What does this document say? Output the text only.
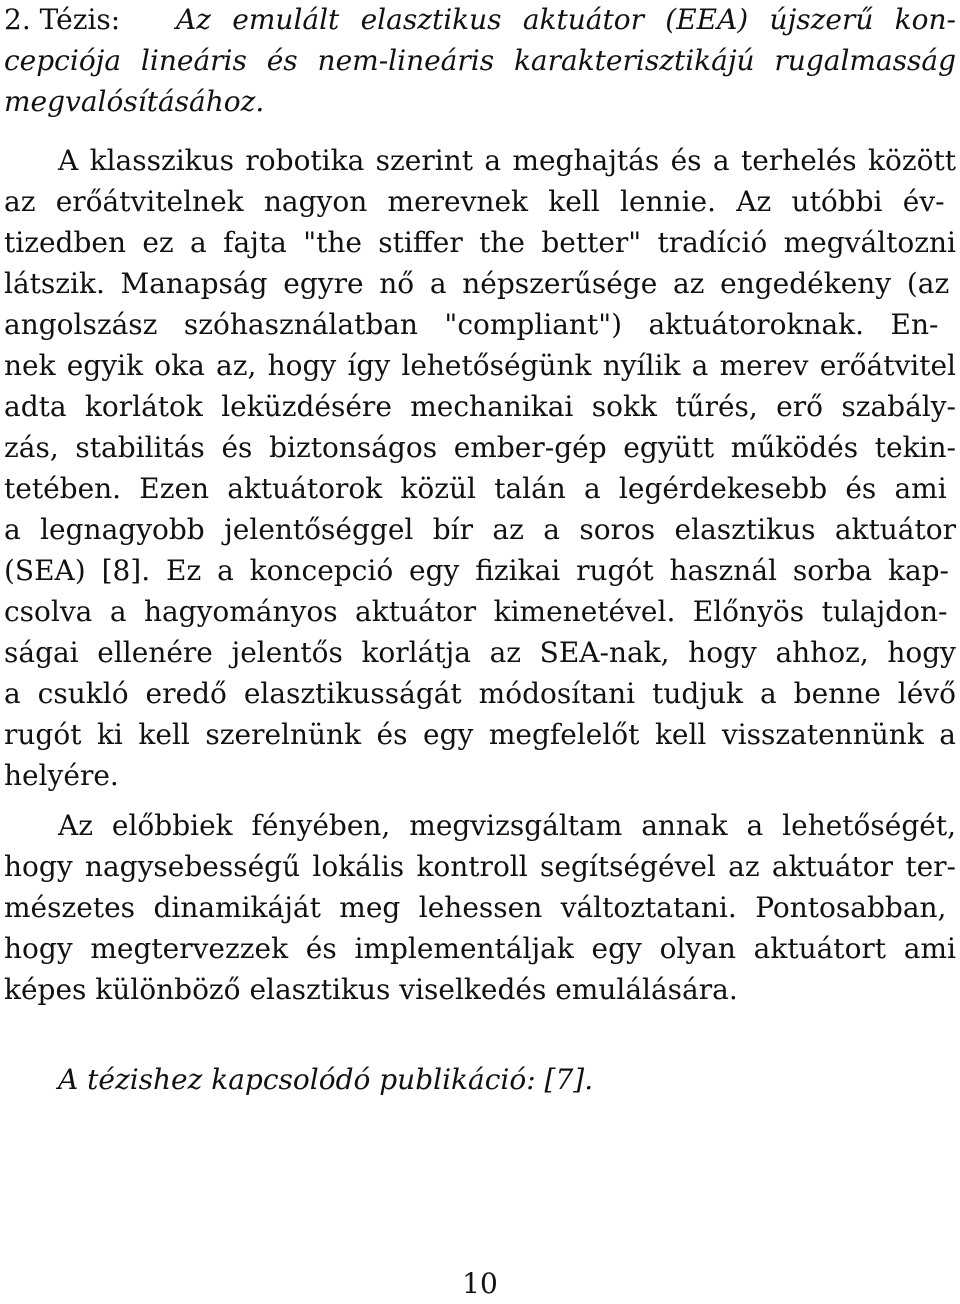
2. Tézis: Az emulált elasztikus aktuátor (EEA) újszerű kon-
cepciója lineáris és nem-lineáris karakterisztikájú rugalmasság
megvalósításához.
A klasszikus robotika szerint a meghajtás és a terhelés között
az erőátvitelnek nagyon merevnek kell lennie. Az utóbbi év-
tizedben ez a fajta "the stiffer the better" tradíció megváltozni
látszik. Manapság egyre nő a népszerűsége az engedékeny (az
angolszász szóhasználatban "compliant") aktuátoroknak. En-
nek egyik oka az, hogy így lehetőségünk nyílik a merev erőátvitel
adta korlátok leküzdésére mechanikai sokk tűrés, erő szabály-
zás, stabilitás és biztonságos ember-gép együtt működés tekin-
tetében. Ezen aktuátorok közül talán a legérdekesebb és ami
a legnagyobb jelentőséggel bír az a soros elasztikus aktuátor
(SEA) [8]. Ez a koncepció egy fizikai rugót használ sorba kap-
csolva a hagyományos aktuátor kimenetével. Előnyös tulajdon-
ságai ellenére jelentős korlátja az SEA-nak, hogy ahhoz, hogy
a csukló eredő elasztikusságát módosítani tudjuk a benne lévő
rugót ki kell szerelnünk és egy megfelelőt kell visszatennünk a
helyére.
Az előbbiek fényében, megvizsgáltam annak a lehetőségét,
hogy nagysebességű lokális kontroll segítségével az aktuátor ter-
mészetes dinamikáját meg lehessen változtatani. Pontosabban,
hogy megtervezzek és implementáljak egy olyan aktuátort ami
képes különböző elasztikus viselkedés emulálására.
A tézishez kapcsolódó publikáció: [7].
10
